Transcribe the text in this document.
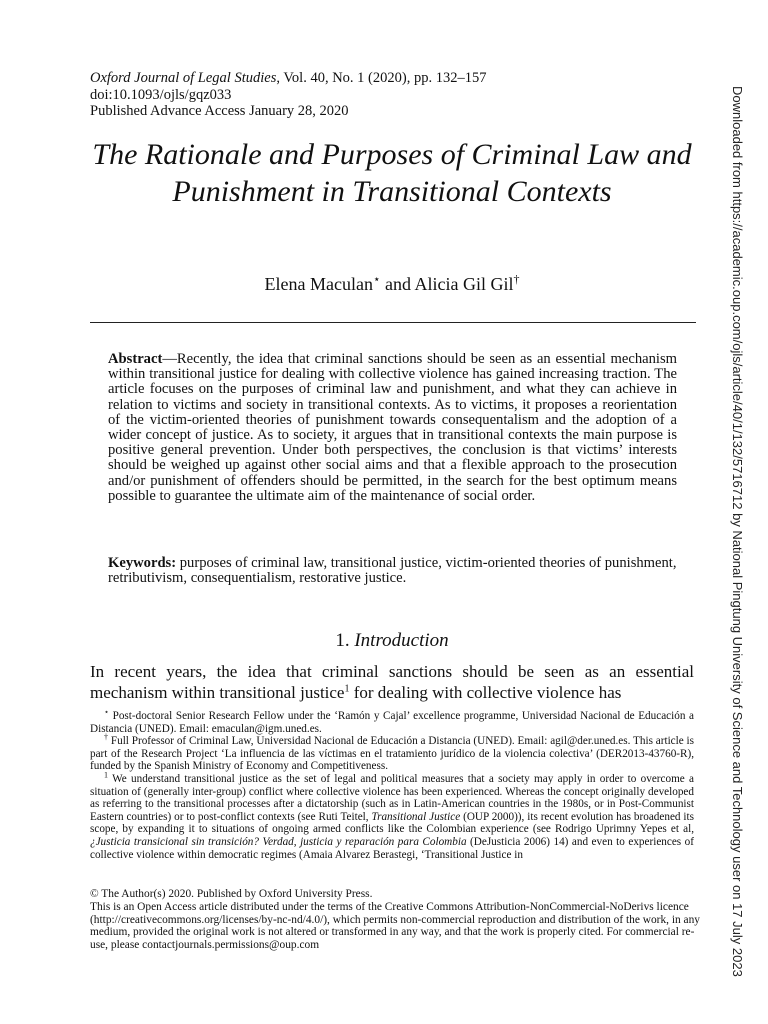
Oxford Journal of Legal Studies, Vol. 40, No. 1 (2020), pp. 132–157
doi:10.1093/ojls/gqz033
Published Advance Access January 28, 2020
The Rationale and Purposes of Criminal Law and Punishment in Transitional Contexts
Elena Maculan⋆ and Alicia Gil Gil†
Abstract—Recently, the idea that criminal sanctions should be seen as an essential mechanism within transitional justice for dealing with collective violence has gained increasing traction. The article focuses on the purposes of criminal law and punishment, and what they can achieve in relation to victims and society in transitional contexts. As to victims, it proposes a reorientation of the victim-oriented theories of punishment towards consequentalism and the adoption of a wider concept of justice. As to society, it argues that in transitional contexts the main purpose is positive general prevention. Under both perspectives, the conclusion is that victims’ interests should be weighed up against other social aims and that a flexible approach to the prosecution and/or punishment of offenders should be permitted, in the search for the best optimum means possible to guarantee the ultimate aim of the maintenance of social order.
Keywords: purposes of criminal law, transitional justice, victim-oriented theories of punishment, retributivism, consequentialism, restorative justice.
1. Introduction
In recent years, the idea that criminal sanctions should be seen as an essential mechanism within transitional justice$^1$ for dealing with collective violence has

⋆ Post-doctoral Senior Research Fellow under the ‘Ramón y Cajal’ excellence programme, Universidad Nacional de Educación a Distancia (UNED). Email: emaculan@igm.uned.es.

† Full Professor of Criminal Law, Universidad Nacional de Educación a Distancia (UNED). Email: agil@der.uned.es. This article is part of the Research Project ‘La influencia de las víctimas en el tratamiento jurídico de la violencia colectiva’ (DER2013-43760-R), funded by the Spanish Ministry of Economy and Competitiveness.

$^1$ We understand transitional justice as the set of legal and political measures that a society may apply in order to overcome a situation of (generally inter-group) conflict where collective violence has been experienced. Whereas the concept originally developed as referring to the transitional processes after a dictatorship (such as in Latin-American countries in the 1980s, or in Post-Communist Eastern countries) or to post-conflict contexts (see Ruti Teitel, Transitional Justice (OUP 2000)), its recent evolution has broadened its scope, by expanding it to situations of ongoing armed conflicts like the Colombian experience (see Rodrigo Uprimny Yepes et al, ¿Justicia transicional sin transición? Verdad, justicia y reparación para Colombia (DeJusticia 2006) 14) and even to experiences of collective violence within democratic regimes (Amaia Alvarez Berastegi, ‘Transitional Justice in

© The Author(s) 2020. Published by Oxford University Press.

This is an Open Access article distributed under the terms of the Creative Commons Attribution-NonCommercial-NoDerivs licence (http://creativecommons.org/licenses/by-nc-nd/4.0/), which permits non-commercial reproduction and distribution of the work, in any medium, provided the original work is not altered or transformed in any way, and that the work is properly cited. For commercial re-use, please contactjournals.permissions@oup.com	Downloaded from https://academic.oup.com/ojls/article/40/1/132/5716712 by National Pingtung University of Science and Technology user on 17 July 2023
